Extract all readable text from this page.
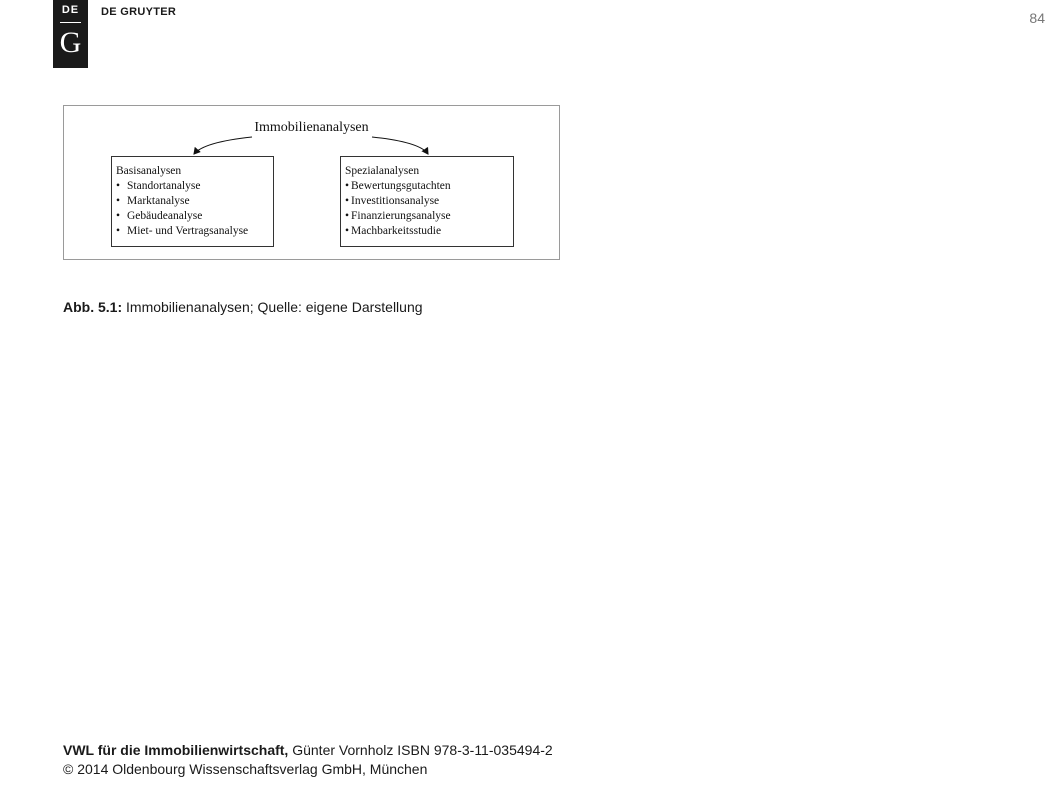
DE
G
DE GRUYTER	84
Immobilienanalysen
Basisanalysen
• Standortanalyse
• Marktanalyse
• Gebäudeanalyse
• Miet- und Vertragsanalyse
Spezialanalysen
• Bewertungsgutachten
• Investitionsanalyse
• Finanzierungsanalyse
• Machbarkeitsstudie
Abb. 5.1: Immobilienanalysen; Quelle: eigene Darstellung
VWL für die Immobilienwirtschaft, Günter Vornholz ISBN 978-3-11-035494-2
© 2014 Oldenbourg Wissenschaftsverlag GmbH, München
